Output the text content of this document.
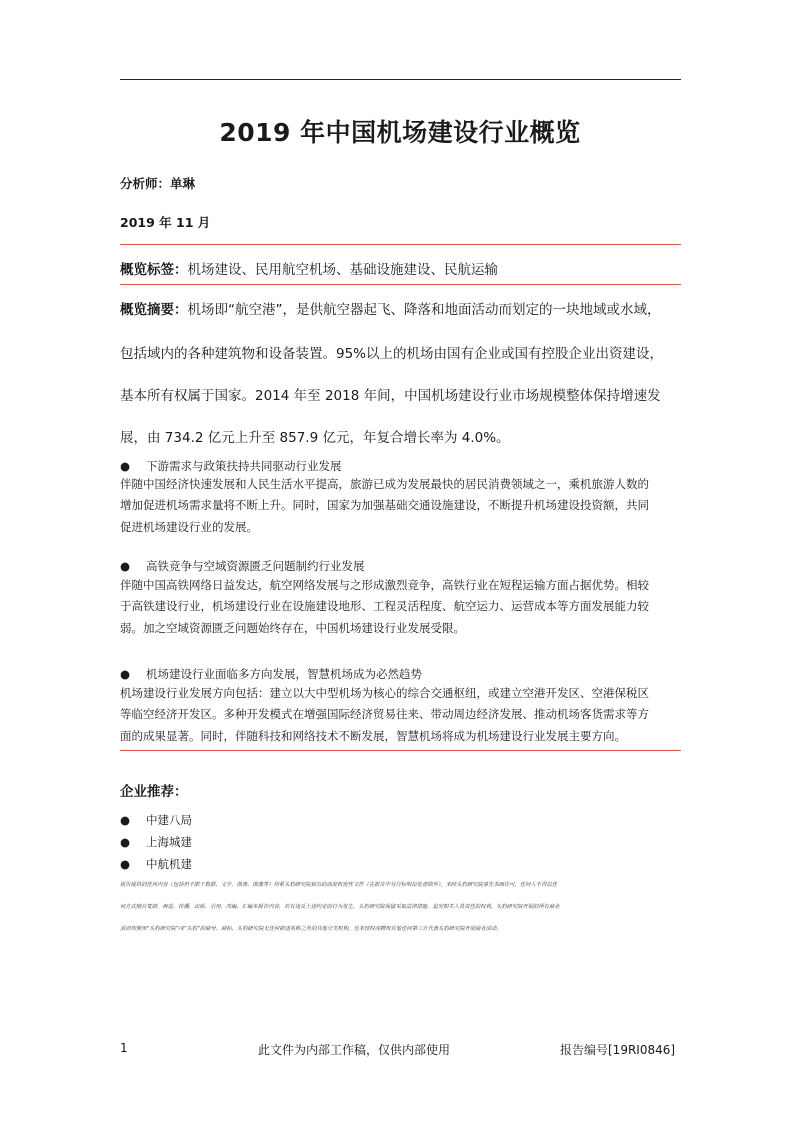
2019 年中国机场建设行业概览
分析师：单琳
2019 年 11 月
概览标签：机场建设、民用航空机场、基础设施建设、民航运输
概览摘要：机场即“航空港”，是供航空器起飞、降落和地面活动而划定的一块地域或水域，
包括域内的各种建筑物和设备装置。95%以上的机场由国有企业或国有控股企业出资建设，
基本所有权属于国家。2014 年至 2018 年间，中国机场建设行业市场规模整体保持增速发
展，由 734.2 亿元上升至 857.9 亿元，年复合增长率为 4.0%。
● 下游需求与政策扶持共同驱动行业发展
伴随中国经济快速发展和人民生活水平提高，旅游已成为发展最快的居民消费领域之一，乘机旅游人数的
增加促进机场需求量将不断上升。同时，国家为加强基础交通设施建设，不断提升机场建设投资额，共同
促进机场建设行业的发展。
● 高铁竞争与空域资源匮乏问题制约行业发展
伴随中国高铁网络日益发达，航空网络发展与之形成激烈竞争，高铁行业在短程运输方面占据优势。相较
于高铁建设行业，机场建设行业在设施建设地形、工程灵活程度、航空运力、运营成本等方面发展能力较
弱。加之空域资源匮乏问题始终存在，中国机场建设行业发展受限。
● 机场建设行业面临多方向发展，智慧机场成为必然趋势
机场建设行业发展方向包括：建立以大中型机场为核心的综合交通枢纽，或建立空港开发区、空港保税区
等临空经济开发区。多种开发模式在增强国际经济贸易往来、带动周边经济发展、推动机场客货需求等方
面的成果显著。同时，伴随科技和网络技术不断发展，智慧机场将成为机场建设行业发展主要方向。
企业推荐：
● 中建八局
● 上海城建
● 中航机建
报告提供的任何内容（包括但不限于数据、文字、图表、图像等）均系头豹研究院独有的高度机密性文件（在报告中另行标明出处者除外）。未经头豹研究院事先书面许可，任何人不得以任
何方式擅自复制、再造、传播、出版、引用、改编、汇编本报告内容，若有违反上述约定的行为发生，头豹研究院保留采取法律措施、追究相关人员责任的权利。头豹研究院开展的所有商业
活动均使用“头豹研究院”或“头豹”的商号、商标，头豹研究院无任何前述名称之外的其他分支机构，也未授权或聘用其他任何第三方代表头豹研究院开展商业活动。
1	此文件为内部工作稿，仅供内部使用	报告编号[19RI0846]
